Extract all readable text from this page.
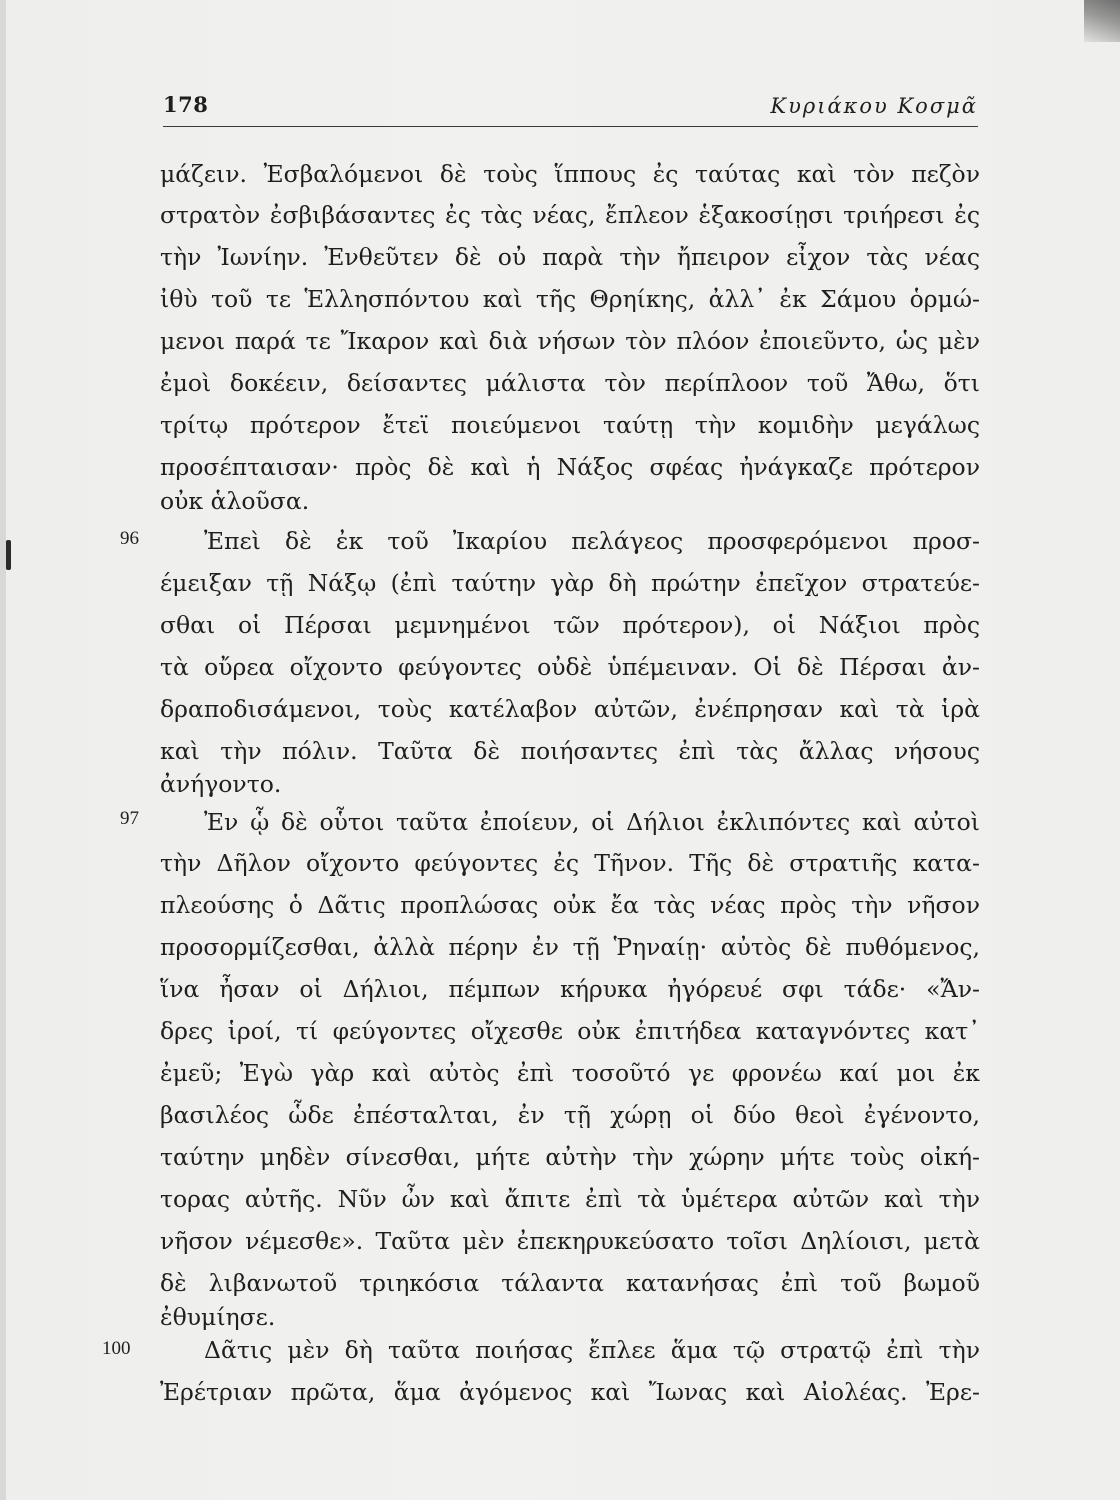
178	Κυριάκου Κοσμᾶ
96
97
100
μάζειν. Ἐσβαλόμενοι δὲ τοὺς ἵππους ἐς ταύτας καὶ τὸν πεζὸν
στρατὸν ἐσβιβάσαντες ἐς τὰς νέας, ἔπλεον ἑξακοσίῃσι τριήρεσι ἐς
τὴν Ἰωνίην. Ἐνθεῦτεν δὲ οὐ παρὰ τὴν ἤπειρον εἶχον τὰς νέας
ἰθὺ τοῦ τε Ἑλλησπόντου καὶ τῆς Θρηίκης, ἀλλ᾽ ἐκ Σάμου ὁρμώ-
μενοι παρά τε Ἴκαρον καὶ διὰ νήσων τὸν πλόον ἐποιεῦντο, ὡς μὲν
ἐμοὶ δοκέειν, δείσαντες μάλιστα τὸν περίπλοον τοῦ Ἄθω, ὅτι
τρίτῳ πρότερον ἔτεϊ ποιεύμενοι ταύτῃ τὴν κομιδὴν μεγάλως
προσέπταισαν· πρὸς δὲ καὶ ἡ Νάξος σφέας ἠνάγκαζε πρότερον
οὐκ ἁλοῦσα.
Ἐπεὶ δὲ ἐκ τοῦ Ἰκαρίου πελάγεος προσφερόμενοι προσ-
έμειξαν τῇ Νάξῳ (ἐπὶ ταύτην γὰρ δὴ πρώτην ἐπεῖχον στρατεύε-
σθαι οἱ Πέρσαι μεμνημένοι τῶν πρότερον), οἱ Νάξιοι πρὸς
τὰ οὔρεα οἴχοντο φεύγοντες οὐδὲ ὑπέμειναν. Οἱ δὲ Πέρσαι ἀν-
δραποδισάμενοι, τοὺς κατέλαβον αὐτῶν, ἐνέπρησαν καὶ τὰ ἱρὰ
καὶ τὴν πόλιν. Ταῦτα δὲ ποιήσαντες ἐπὶ τὰς ἄλλας νήσους
ἀνήγοντο.
Ἐν ᾧ δὲ οὗτοι ταῦτα ἐποίευν, οἱ Δήλιοι ἐκλιπόντες καὶ αὐτοὶ
τὴν Δῆλον οἴχοντο φεύγοντες ἐς Τῆνον. Τῆς δὲ στρατιῆς κατα-
πλεούσης ὁ Δᾶτις προπλώσας οὐκ ἔα τὰς νέας πρὸς τὴν νῆσον
προσορμίζεσθαι, ἀλλὰ πέρην ἐν τῇ Ῥηναίῃ· αὐτὸς δὲ πυθόμενος,
ἵνα ἦσαν οἱ Δήλιοι, πέμπων κήρυκα ἠγόρευέ σφι τάδε· «Ἄν-
δρες ἱροί, τί φεύγοντες οἴχεσθε οὐκ ἐπιτήδεα καταγνόντες κατ᾽
ἐμεῦ; Ἐγὼ γὰρ καὶ αὐτὸς ἐπὶ τοσοῦτό γε φρονέω καί μοι ἐκ
βασιλέος ὧδε ἐπέσταλται, ἐν τῇ χώρῃ οἱ δύο θεοὶ ἐγένοντο,
ταύτην μηδὲν σίνεσθαι, μήτε αὐτὴν τὴν χώρην μήτε τοὺς οἰκή-
τορας αὐτῆς. Νῦν ὦν καὶ ἄπιτε ἐπὶ τὰ ὑμέτερα αὐτῶν καὶ τὴν
νῆσον νέμεσθε». Ταῦτα μὲν ἐπεκηρυκεύσατο τοῖσι Δηλίοισι, μετὰ
δὲ λιβανωτοῦ τριηκόσια τάλαντα κατανήσας ἐπὶ τοῦ βωμοῦ
ἐθυμίησε.
Δᾶτις μὲν δὴ ταῦτα ποιήσας ἔπλεε ἅμα τῷ στρατῷ ἐπὶ τὴν
Ἐρέτριαν πρῶτα, ἅμα ἀγόμενος καὶ Ἴωνας καὶ Αἰολέας. Ἐρε-
